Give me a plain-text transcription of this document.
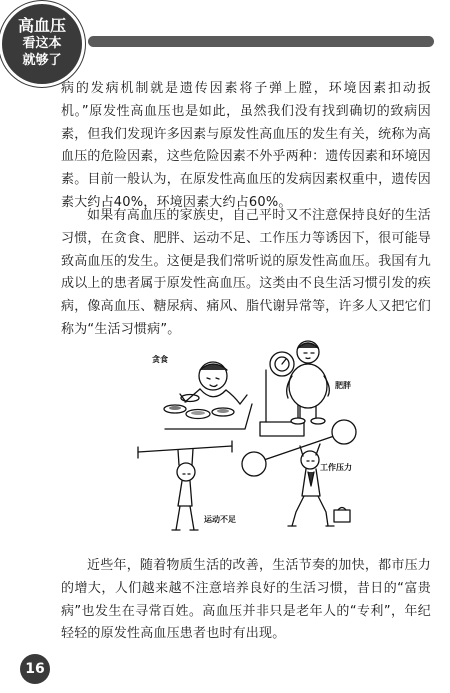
高血压
看这本
就够了

病的发病机制就是遗传因素将子弹上膛，环境因素扣动扳机。”原发性高血压也是如此，虽然我们没有找到确切的致病因素，但我们发现许多因素与原发性高血压的发生有关，统称为高血压的危险因素，这些危险因素不外乎两种：遗传因素和环境因素。目前一般认为，在原发性高血压的发病因素权重中，遗传因素大约占40%，环境因素大约占60%。

如果有高血压的家族史，自己平时又不注意保持良好的生活习惯，在贪食、肥胖、运动不足、工作压力等诱因下，很可能导致高血压的发生。这便是我们常听说的原发性高血压。我国有九成以上的患者属于原发性高血压。这类由不良生活习惯引发的疾病，像高血压、糖尿病、痛风、脂代谢异常等，许多人又把它们称为“生活习惯病”。

贪食
肥胖
运动不足
工作压力

近些年，随着物质生活的改善，生活节奏的加快，都市压力的增大，人们越来越不注意培养良好的生活习惯，昔日的“富贵病”也发生在寻常百姓。高血压并非只是老年人的“专利”，年纪轻轻的原发性高血压患者也时有出现。

16
